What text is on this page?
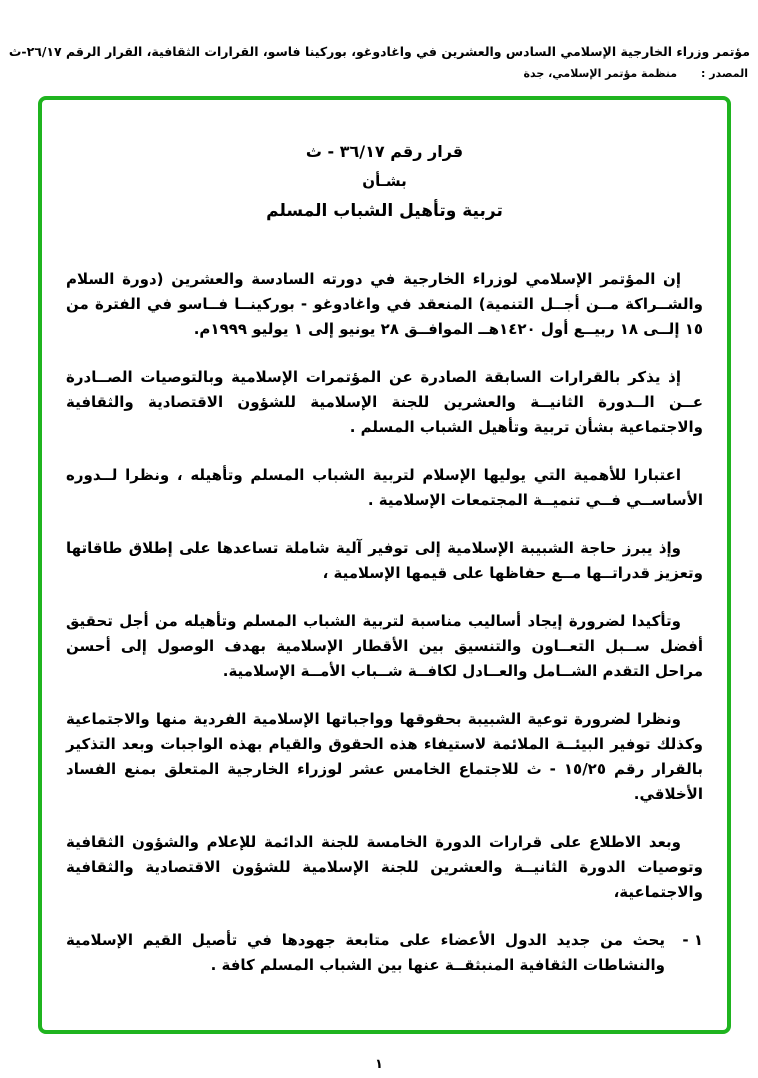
مؤتمر وزراء الخارجية الإسلامي السادس والعشرين في واغادوغو، بوركينا فاسو، القرارات الثقافية، القرار الرقم ٢٦/١٧-ث
المصدر : منظمة مؤتمر الإسلامي، جدة
قرار رقم ٣٦/١٧ - ث
بشـأن
تربية وتأهيل الشباب المسلم
إن المؤتمر الإسلامي لوزراء الخارجية في دورته السادسة والعشرين (دورة السلام والشــراكة مــن أجــل التنمية) المنعقد في واغادوغو - بوركينــا فــاسو في الفترة من ١٥ إلــى ١٨ ربيــع أول ١٤٢٠هــ الموافــق ٢٨ يونيو إلى ١ يوليو ١٩٩٩م.
إذ يذكر بالقرارات السابقة الصادرة عن المؤتمرات الإسلامية وبالتوصيات الصــادرة عــن الــدورة الثانيــة والعشرين للجنة الإسلامية للشؤون الاقتصادية والثقافية والاجتماعية بشأن تربية وتأهيل الشباب المسلم .
اعتبارا للأهمية التي يوليها الإسلام لتربية الشباب المسلم وتأهيله ، ونظرا لــدوره الأساســي فــي تنميــة المجتمعات الإسلامية .
وإذ يبرز حاجة الشبيبة الإسلامية إلى توفير آلية شاملة تساعدها على إطلاق طاقاتها وتعزيز قدراتــها مــع حفاظها على قيمها الإسلامية ،
وتأكيدا لضرورة إيجاد أساليب مناسبة لتربية الشباب المسلم وتأهيله من أجل تحقيق أفضل ســبل التعــاون والتنسيق بين الأقطار الإسلامية بهدف الوصول إلى أحسن مراحل التقدم الشــامل والعــادل لكافــة شــباب الأمــة الإسلامية.
ونظرا لضرورة توعية الشبيبة بحقوقها وواجباتها الإسلامية الفردية منها والاجتماعية وكذلك توفير البيئــة الملائمة لاستيفاء هذه الحقوق والقيام بهذه الواجبات وبعد التذكير بالقرار رقم ١٥/٢٥ - ث للاجتماع الخامس عشر لوزراء الخارجية المتعلق بمنع الفساد الأخلاقي.
وبعد الاطلاع على قرارات الدورة الخامسة للجنة الدائمة للإعلام والشؤون الثقافية وتوصيات الدورة الثانيــة والعشرين للجنة الإسلامية للشؤون الاقتصادية والثقافية والاجتماعية،
١ -
يحث من جديد الدول الأعضاء على متابعة جهودها في تأصيل القيم الإسلامية والنشاطات الثقافية المنبثقــة عنها بين الشباب المسلم كافة .
١
